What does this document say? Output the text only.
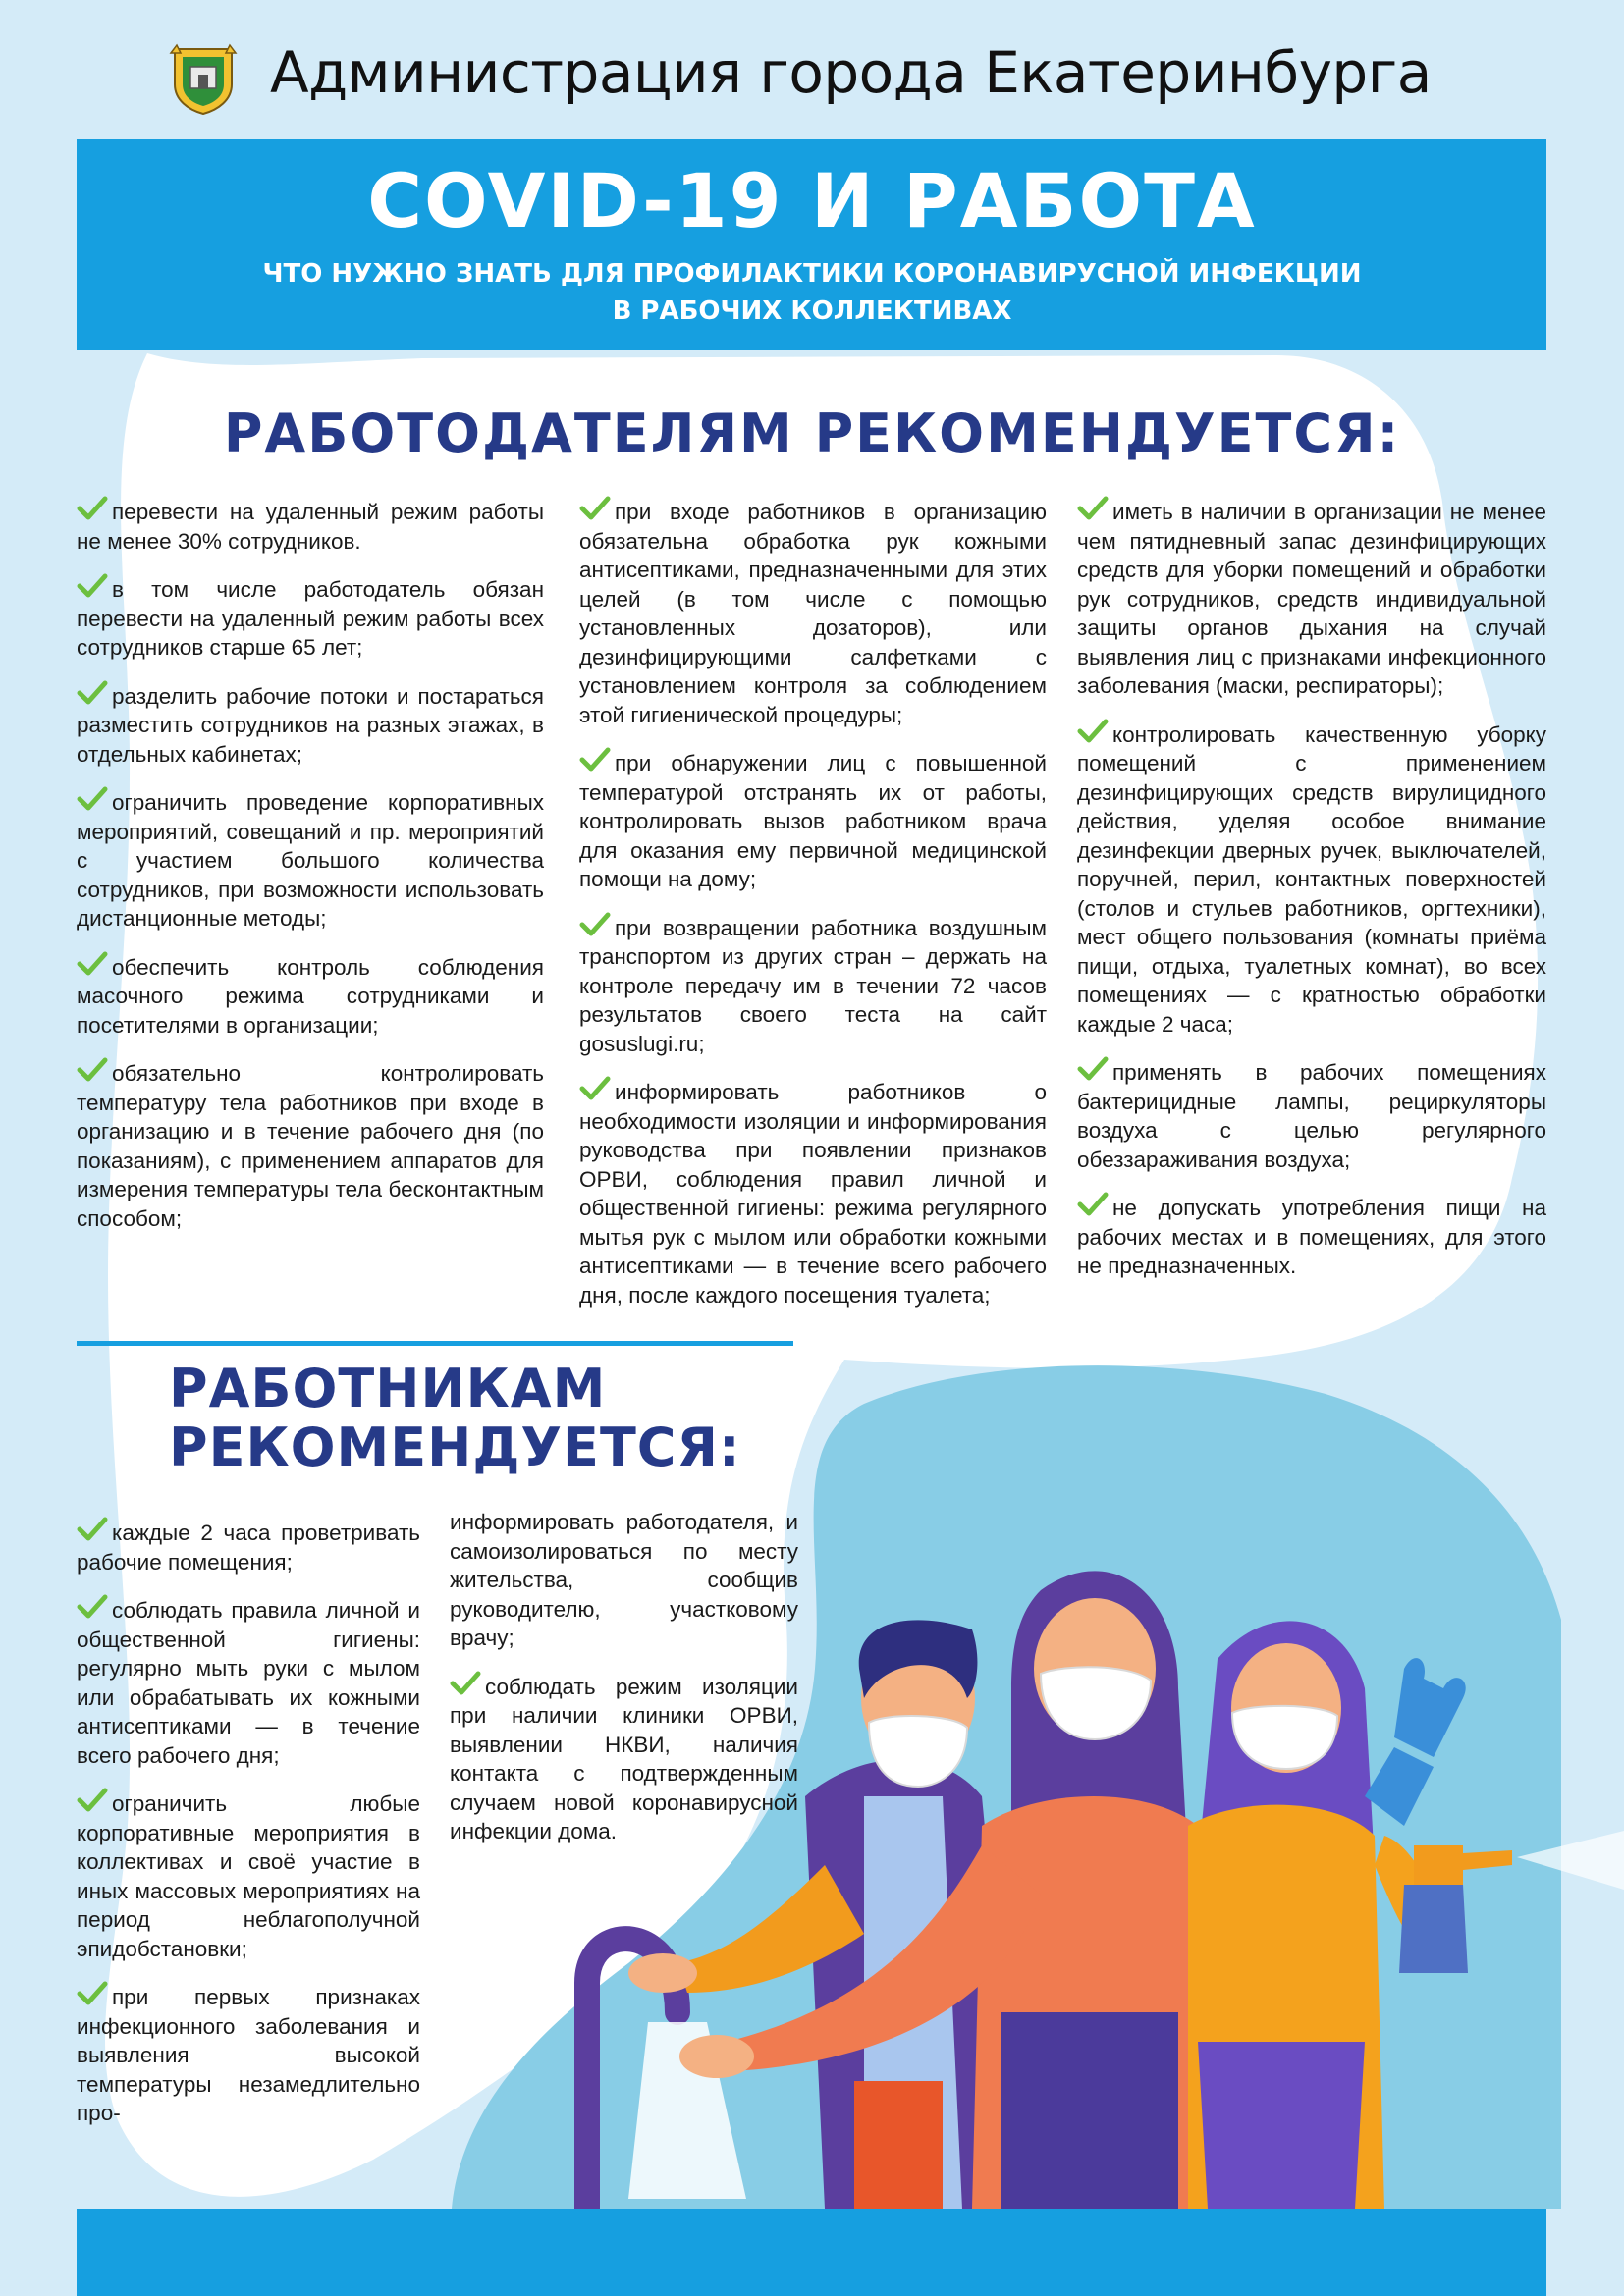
Администрация города Екатеринбурга
COVID-19 И РАБОТА
ЧТО НУЖНО ЗНАТЬ ДЛЯ ПРОФИЛАКТИКИ КОРОНАВИРУСНОЙ ИНФЕКЦИИ
В РАБОЧИХ КОЛЛЕКТИВАХ
РАБОТОДАТЕЛЯМ РЕКОМЕНДУЕТСЯ:

перевести на удаленный режим работы не менее 30% сотрудников.

в том числе работодатель обязан перевести на удаленный режим работы всех сотрудников старше 65 лет;

разделить рабочие потоки и постараться разместить сотрудников на разных этажах, в отдельных кабинетах;

ограничить проведение корпоративных мероприятий, совещаний и пр. мероприятий с участием большого количества сотрудников, при возможности использовать дистанционные методы;

обеспечить контроль соблюдения масочного режима сотрудниками и посетителями в организации;

обязательно контролировать температуру тела работников при входе в организацию и в течение рабочего дня (по показаниям), с применением аппаратов для измерения температуры тела бесконтактным способом;

при входе работников в организацию обязательна обработка рук кожными антисептиками, предназначенными для этих целей (в том числе с помощью установленных дозаторов), или дезинфицирующими салфетками с установлением контроля за соблюдением этой гигиенической процедуры;

при обнаружении лиц с повышенной температурой отстранять их от работы, контролировать вызов работником врача для оказания ему первичной медицинской помощи на дому;

при возвращении работника воздушным транспортом из других стран – держать на контроле передачу им в течении 72 часов результатов своего теста на сайт gosuslugi.ru;

информировать работников о необходимости изоляции и информирования руководства при появлении признаков ОРВИ, соблюдения правил личной и общественной гигиены: режима регулярного мытья рук с мылом или обработки кожными антисептиками — в течение всего рабочего дня, после каждого посещения туалета;

иметь в наличии в организации не менее чем пятидневный запас дезинфицирующих средств для уборки помещений и обработки рук сотрудников, средств индивидуальной защиты органов дыхания на случай выявления лиц с признаками инфекционного заболевания (маски, респираторы);

контролировать качественную уборку помещений с применением дезинфицирующих средств вирулицидного действия, уделяя особое внимание дезинфекции дверных ручек, выключателей, поручней, перил, контактных поверхностей (столов и стульев работников, оргтехники), мест общего пользования (комнаты приёма пищи, отдыха, туалетных комнат), во всех помещениях — с кратностью обработки каждые 2 часа;

применять в рабочих помещениях бактерицидные лампы, рециркуляторы воздуха с целью регулярного обеззараживания воздуха;

не допускать употребления пищи на рабочих местах и в помещениях, для этого не предназначенных.

РАБОТНИКАМ
РЕКОМЕНДУЕТСЯ:

каждые 2 часа проветривать рабочие помещения;

соблюдать правила личной и общественной гигиены: регулярно мыть руки с мылом или обрабатывать их кожными антисептиками — в течение всего рабочего дня;

ограничить любые корпоративные мероприятия в коллективах и своё участие в иных массовых мероприятиях на период неблагополучной эпидобстановки;

при первых признаках инфекционного заболевания и выявления высокой температуры незамедлительно про-

информировать работодателя, и самоизолироваться по месту жительства, сообщив руководителю, участковому врачу;

соблюдать режим изоляции при наличии клиники ОРВИ, выявлении НКВИ, наличия контакта с подтвержденным случаем новой коронавирусной инфекции дома.
